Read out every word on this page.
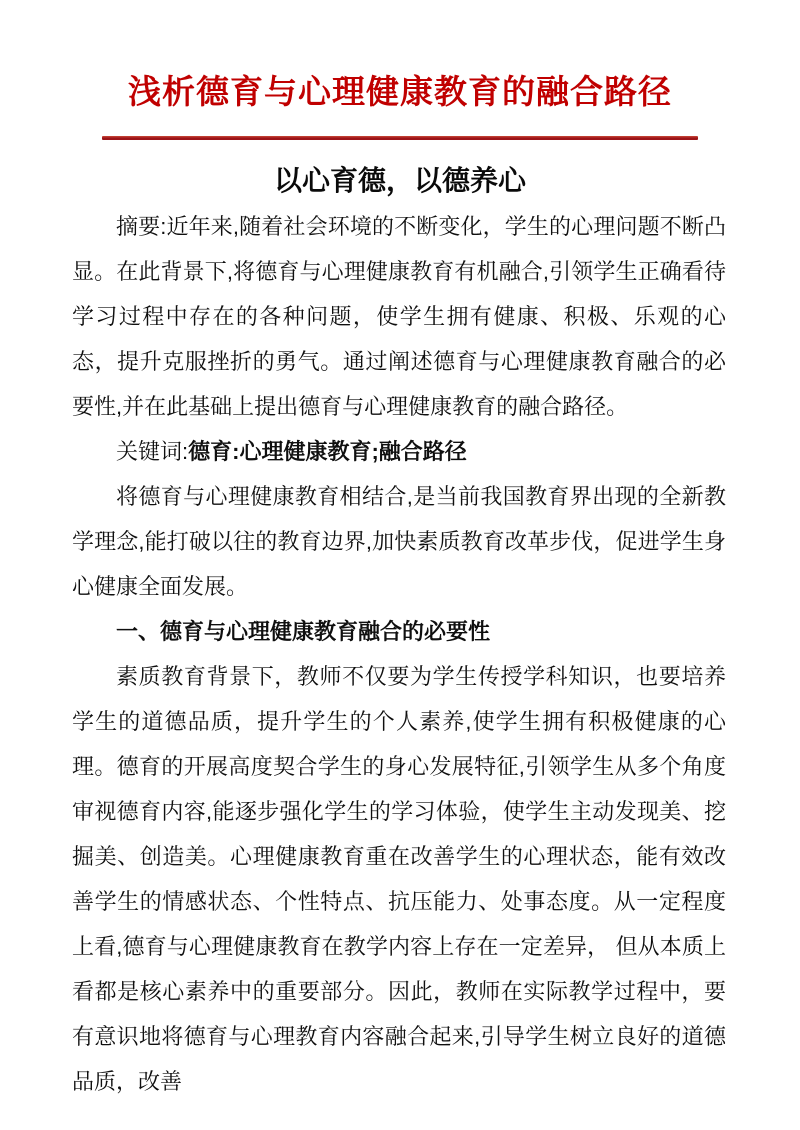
浅析德育与心理健康教育的融合路径
以心育德，以德养心

摘要:近年来,随着社会环境的不断变化，学生的心理问题不断凸显。在此背景下,将德育与心理健康教育有机融合,引领学生正确看待学习过程中存在的各种问题，使学生拥有健康、积极、乐观的心态，提升克服挫折的勇气。通过阐述德育与心理健康教育融合的必要性,并在此基础上提出德育与心理健康教育的融合路径。

关键词:德育:心理健康教育;融合路径

将德育与心理健康教育相结合,是当前我国教育界出现的全新教学理念,能打破以往的教育边界,加快素质教育改革步伐，促进学生身心健康全面发展。

一、德育与心理健康教育融合的必要性

素质教育背景下，教师不仅要为学生传授学科知识，也要培养学生的道德品质，提升学生的个人素养,使学生拥有积极健康的心理。德育的开展高度契合学生的身心发展特征,引领学生从多个角度审视德育内容,能逐步强化学生的学习体验，使学生主动发现美、挖掘美、创造美。心理健康教育重在改善学生的心理状态，能有效改善学生的情感状态、个性特点、抗压能力、处事态度。从一定程度上看,德育与心理健康教育在教学内容上存在一定差异， 但从本质上看都是核心素养中的重要部分。因此，教师在实际教学过程中，要有意识地将德育与心理教育内容融合起来,引导学生树立良好的道德品质，改善
